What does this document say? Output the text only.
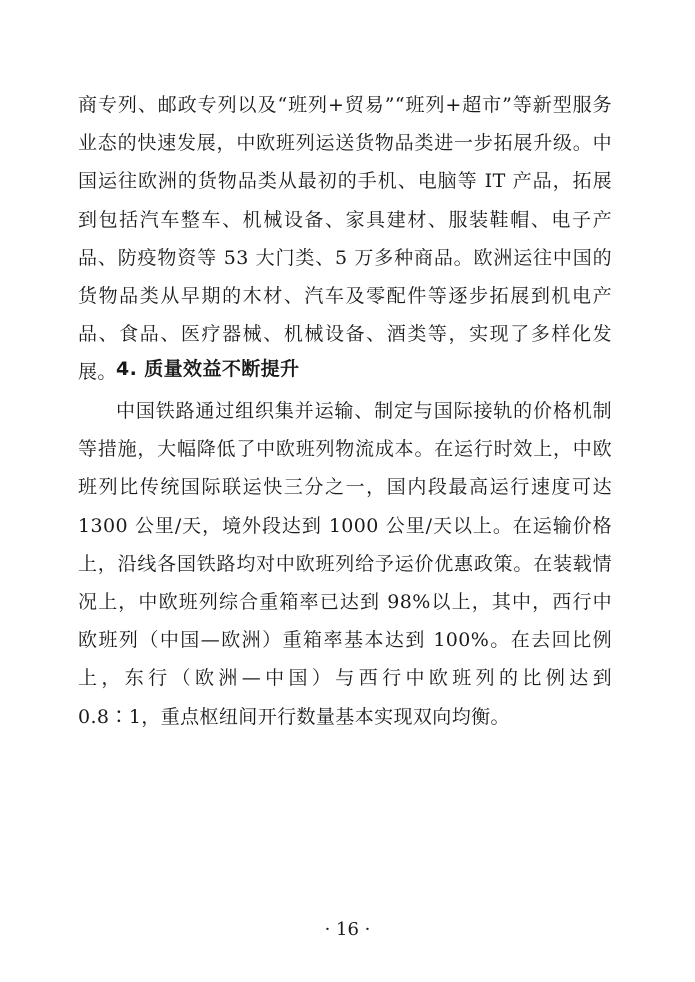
商专列、邮政专列以及“班列+贸易”“班列+超市”等新型服务业态的快速发展，中欧班列运送货物品类进一步拓展升级。中国运往欧洲的货物品类从最初的手机、电脑等 IT 产品，拓展到包括汽车整车、机械设备、家具建材、服装鞋帽、电子产品、防疫物资等 53 大门类、5 万多种商品。欧洲运往中国的货物品类从早期的木材、汽车及零配件等逐步拓展到机电产品、食品、医疗器械、机械设备、酒类等，实现了多样化发展。 4. 质量效益不断提升

中国铁路通过组织集并运输、制定与国际接轨的价格机制等措施，大幅降低了中欧班列物流成本。在运行时效上，中欧班列比传统国际联运快三分之一，国内段最高运行速度可达 1300 公里/天，境外段达到 1000 公里/天以上。在运输价格上，沿线各国铁路均对中欧班列给予运价优惠政策。在装载情况上，中欧班列综合重箱率已达到 98%以上，其中，西行中欧班列（中国—欧洲）重箱率基本达到 100%。在去回比例上，东行（欧洲—中国）与西行中欧班列的比例达到 0.8∶1，重点枢纽间开行数量基本实现双向均衡。

· 16 ·
